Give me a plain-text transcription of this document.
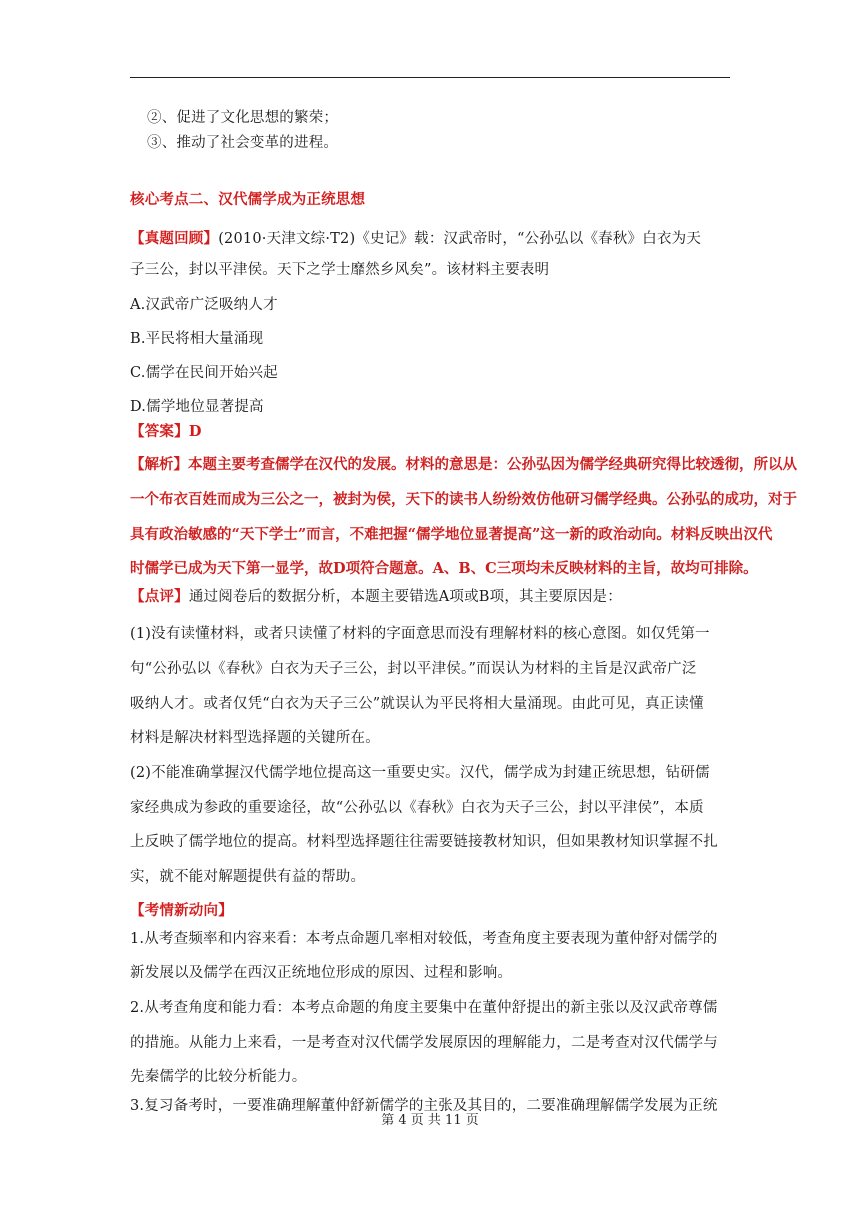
②、促进了文化思想的繁荣；
③、推动了社会变革的进程。
核心考点二、汉代儒学成为正统思想
【真题回顾】(2010·天津文综·T2)《史记》载：汉武帝时，“公孙弘以《春秋》白衣为天
子三公，封以平津侯。天下之学士靡然乡风矣”。该材料主要表明
A.汉武帝广泛吸纳人才
B.平民将相大量涌现
C.儒学在民间开始兴起
D.儒学地位显著提高
【答案】D
【解析】本题主要考查儒学在汉代的发展。材料的意思是：公孙弘因为儒学经典研究得比较透彻，所以从
一个布衣百姓而成为三公之一，被封为侯，天下的读书人纷纷效仿他研习儒学经典。公孙弘的成功，对于
具有政治敏感的“天下学士”而言，不难把握“儒学地位显著提高”这一新的政治动向。材料反映出汉代
时儒学已成为天下第一显学，故D项符合题意。A、B、C三项均未反映材料的主旨，故均可排除。
【点评】通过阅卷后的数据分析，本题主要错选A项或B项，其主要原因是：
(1)没有读懂材料，或者只读懂了材料的字面意思而没有理解材料的核心意图。如仅凭第一
句“公孙弘以《春秋》白衣为天子三公，封以平津侯。”而误认为材料的主旨是汉武帝广泛
吸纳人才。或者仅凭“白衣为天子三公”就误认为平民将相大量涌现。由此可见，真正读懂
材料是解决材料型选择题的关键所在。
(2)不能准确掌握汉代儒学地位提高这一重要史实。汉代，儒学成为封建正统思想，钻研儒
家经典成为参政的重要途径，故“公孙弘以《春秋》白衣为天子三公，封以平津侯”，本质
上反映了儒学地位的提高。材料型选择题往往需要链接教材知识，但如果教材知识掌握不扎
实，就不能对解题提供有益的帮助。
【考情新动向】
1.从考查频率和内容来看：本考点命题几率相对较低，考查角度主要表现为董仲舒对儒学的
新发展以及儒学在西汉正统地位形成的原因、过程和影响。
2.从考查角度和能力看：本考点命题的角度主要集中在董仲舒提出的新主张以及汉武帝尊儒
的措施。从能力上来看，一是考查对汉代儒学发展原因的理解能力，二是考查对汉代儒学与
先秦儒学的比较分析能力。
3.复习备考时，一要准确理解董仲舒新儒学的主张及其目的，二要准确理解儒学发展为正统
第 4 页 共 11 页
